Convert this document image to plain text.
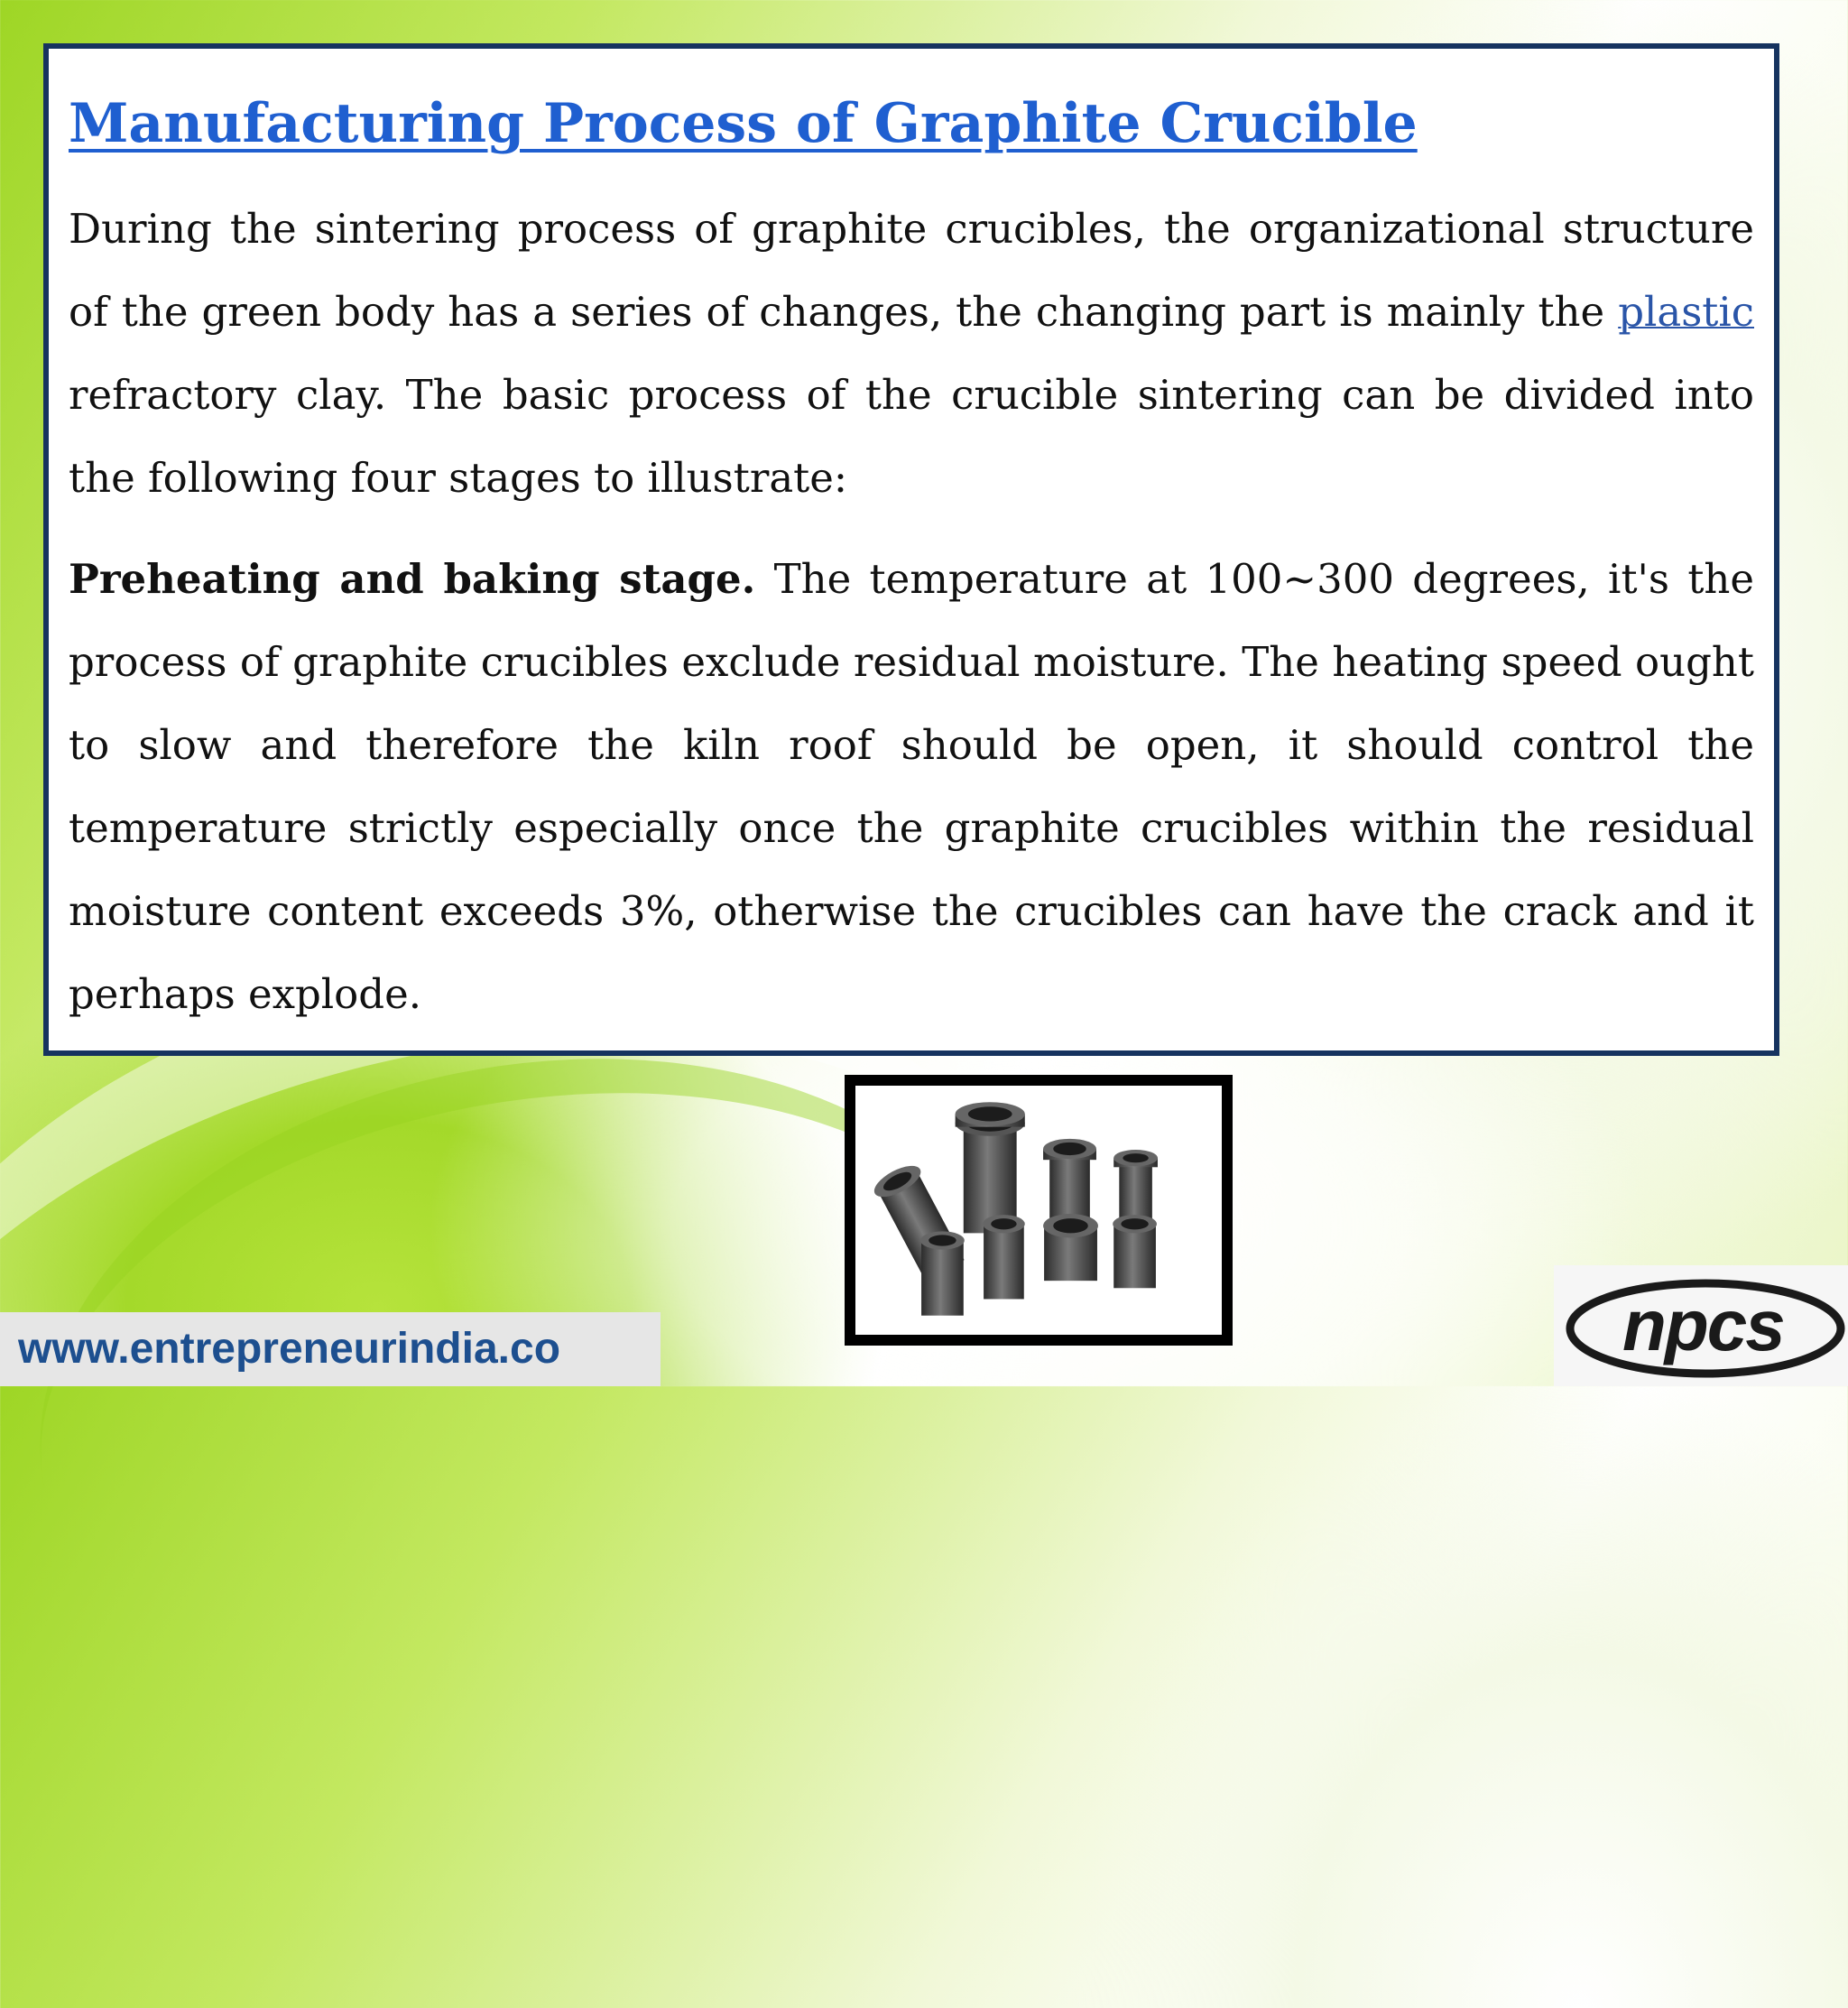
Manufacturing Process of Graphite Crucible

During the sintering process of graphite crucibles, the organizational structure of the green body has a series of changes, the changing part is mainly the plastic refractory clay. The basic process of the crucible sintering can be divided into the following four stages to illustrate:

Preheating and baking stage. The temperature at 100~300 degrees, it's the process of graphite crucibles exclude residual moisture. The heating speed ought to slow and therefore the kiln roof should be open, it should control the temperature strictly especially once the graphite crucibles within the residual moisture content exceeds 3%, otherwise the crucibles can have the crack and it perhaps explode.

www.entrepreneurindia.co	npcs
